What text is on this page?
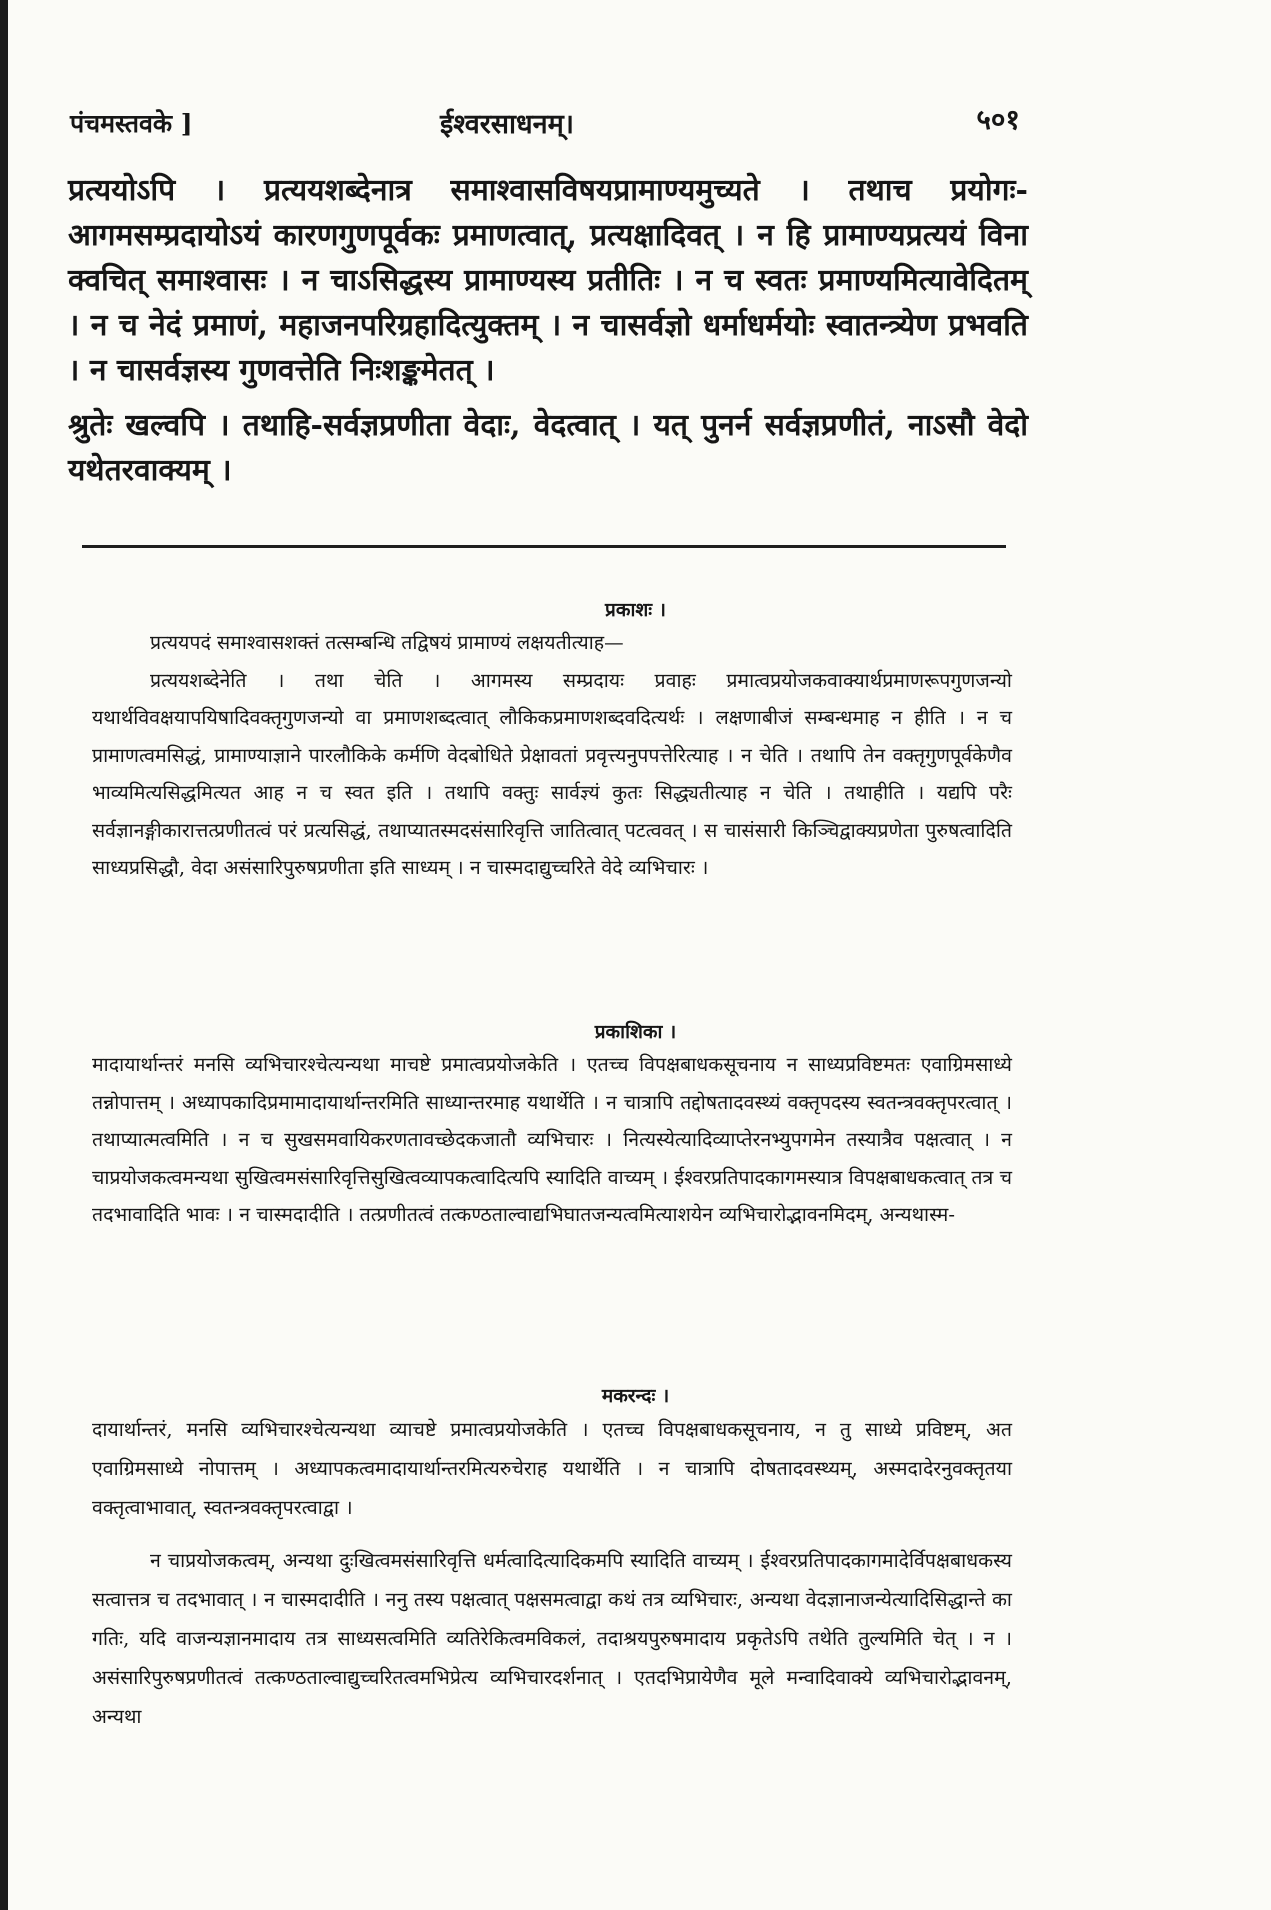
पंचमस्तवके ]	ईश्वरसाधनम्।	५०१

प्रत्ययोऽपि । प्रत्ययशब्देनात्र समाश्वासविषयप्रामाण्यमुच्यते । तथाच प्रयोगः-आगमसम्प्रदायोऽयं कारणगुणपूर्वकः प्रमाणत्वात्, प्रत्यक्षादिवत् । न हि प्रामाण्यप्रत्ययं विना क्वचित् समाश्वासः । न चाऽसिद्धस्य प्रामाण्यस्य प्रतीतिः । न च स्वतः प्रमाण्यमित्यावेदितम् । न च नेदं प्रमाणं, महाजनपरिग्रहादित्युक्तम् । न चासर्वज्ञो धर्माधर्मयोः स्वातन्त्र्येण प्रभवति । न चासर्वज्ञस्य गुणवत्तेति निःशङ्कमेतत् ।

श्रुतेः खल्वपि । तथाहि-सर्वज्ञप्रणीता वेदाः, वेदत्वात् । यत् पुनर्न सर्वज्ञप्रणीतं, नाऽसौ वेदो यथेतरवाक्यम् ।

प्रकाशः ।

प्रत्ययपदं समाश्वासशक्तं तत्सम्बन्धि तद्विषयं प्रामाण्यं लक्षयतीत्याह—

प्रत्ययशब्देनेति । तथा चेति । आगमस्य सम्प्रदायः प्रवाहः प्रमात्वप्रयोजकवाक्यार्थप्रमाणरूपगुणजन्यो यथार्थविवक्षयापयिषादिवक्तृगुणजन्यो वा प्रमाणशब्दत्वात् लौकिकप्रमाणशब्दवदित्यर्थः । लक्षणाबीजं सम्बन्धमाह न हीति । न च प्रामाणत्वमसिद्धं, प्रामाण्याज्ञाने पारलौकिके कर्मणि वेदबोधिते प्रेक्षावतां प्रवृत्त्यनुपपत्तेरित्याह । न चेति । तथापि तेन वक्तृगुणपूर्वकेणैव भाव्यमित्यसिद्धमित्यत आह न च स्वत इति । तथापि वक्तुः सार्वज्ञ्यं कुतः सिद्ध्यतीत्याह न चेति । तथाहीति । यद्यपि परैः सर्वज्ञानङ्गीकारात्तत्प्रणीतत्वं परं प्रत्यसिद्धं, तथाप्यातस्मदसंसारिवृत्ति जातित्वात् पटत्ववत् । स चासंसारी किञ्चिद्वाक्यप्रणेता पुरुषत्वादिति साध्यप्रसिद्धौ, वेदा असंसारिपुरुषप्रणीता इति साध्यम् । न चास्मदाद्युच्चरिते वेदे व्यभिचारः ।

प्रकाशिका ।

मादायार्थान्तरं मनसि व्यभिचारश्चेत्यन्यथा माचष्टे प्रमात्वप्रयोजकेति । एतच्च विपक्षबाधकसूचनाय न साध्यप्रविष्टमतः एवाग्रिमसाध्ये तन्नोपात्तम् । अध्यापकादिप्रमामादायार्थान्तरमिति साध्यान्तरमाह यथार्थेति । न चात्रापि तद्दोषतादवस्थ्यं वक्तृपदस्य स्वतन्त्रवक्तृपरत्वात् । तथाप्यात्मत्वमिति । न च सुखसमवायिकरणतावच्छेदकजातौ व्यभिचारः । नित्यस्येत्यादिव्याप्तेरनभ्युपगमेन तस्यात्रैव पक्षत्वात् । न चाप्रयोजकत्वमन्यथा सुखित्वमसंसारिवृत्तिसुखित्वव्यापकत्वादित्यपि स्यादिति वाच्यम् । ईश्वरप्रतिपादकागमस्यात्र विपक्षबाधकत्वात् तत्र च तदभावादिति भावः । न चास्मदादीति । तत्प्रणीतत्वं तत्कण्ठताल्वाद्यभिघातजन्यत्वमित्याशयेन व्यभिचारोद्भावनमिदम्, अन्यथास्म-

मकरन्दः ।

दायार्थान्तरं, मनसि व्यभिचारश्चेत्यन्यथा व्याचष्टे प्रमात्वप्रयोजकेति । एतच्च विपक्षबाधकसूचनाय, न तु साध्ये प्रविष्टम्, अत एवाग्रिमसाध्ये नोपात्तम् । अध्यापकत्वमादायार्थान्तरमित्यरुचेराह यथार्थेति । न चात्रापि दोषतादवस्थ्यम्, अस्मदादेरनुवक्तृतया वक्तृत्वाभावात्, स्वतन्त्रवक्तृपरत्वाद्वा ।

न चाप्रयोजकत्वम्, अन्यथा दुःखित्वमसंसारिवृत्ति धर्मत्वादित्यादिकमपि स्यादिति वाच्यम् । ईश्वरप्रतिपादकागमादेर्विपक्षबाधकस्य सत्वात्तत्र च तदभावात् । न चास्मदादीति । ननु तस्य पक्षत्वात् पक्षसमत्वाद्वा कथं तत्र व्यभिचारः, अन्यथा वेदज्ञानाजन्येत्यादिसिद्धान्ते का गतिः, यदि वाजन्यज्ञानमादाय तत्र साध्यसत्वमिति व्यतिरेकित्वमविकलं, तदाश्रयपुरुषमादाय प्रकृतेऽपि तथेति तुल्यमिति चेत् । न । असंसारिपुरुषप्रणीतत्वं तत्कण्ठताल्वाद्युच्चरितत्वमभिप्रेत्य व्यभिचारदर्शनात् । एतदभिप्रायेणैव मूले मन्वादिवाक्ये व्यभिचारोद्भावनम्, अन्यथा
